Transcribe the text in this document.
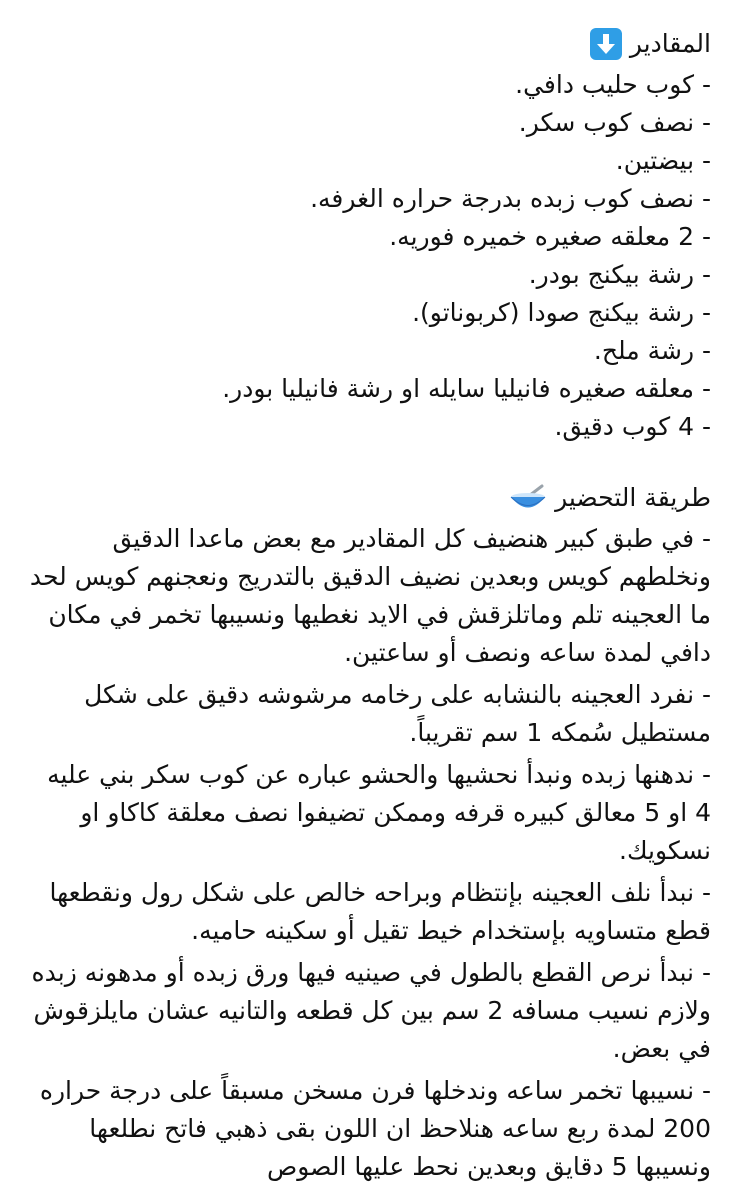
المقادير
- كوب حليب دافي.
- نصف كوب سكر.
- بيضتين.
- نصف كوب زبده بدرجة حراره الغرفه.
- 2 معلقه صغيره خميره فوريه.
- رشة بيكنج بودر.
- رشة بيكنج صودا (كربوناتو).
- رشة ملح.
- معلقه صغيره فانيليا سايله او رشة فانيليا بودر.
- 4 كوب دقيق.
طريقة التحضير

- في طبق كبير هنضيف كل المقادير مع بعض ماعدا الدقيق ونخلطهم كويس وبعدين نضيف الدقيق بالتدريج ونعجنهم كويس لحد ما العجينه تلم وماتلزقش في الايد نغطيها ونسيبها تخمر في مكان دافي لمدة ساعه ونصف أو ساعتين.

- نفرد العجينه بالنشابه على رخامه مرشوشه دقيق على شكل مستطيل سُمكه 1 سم تقريباً.

- ندهنها زبده ونبدأ نحشيها والحشو عباره عن كوب سكر بني عليه 4 او 5 معالق كبيره قرفه وممكن تضيفوا نصف معلقة كاكاو او نسكويك.

- نبدأ نلف العجينه بإنتظام وبراحه خالص على شكل رول ونقطعها قطع متساويه بإستخدام خيط تقيل أو سكينه حاميه.

- نبدأ نرص القطع بالطول في صينيه فيها ورق زبده أو مدهونه زبده ولازم نسيب مسافه 2 سم بين كل قطعه والتانيه عشان مايلزقوش في بعض.

- نسيبها تخمر ساعه وندخلها فرن مسخن مسبقاً على درجة حراره 200 لمدة ربع ساعه هنلاحظ ان اللون بقى ذهبي فاتح نطلعها ونسيبها 5 دقايق وبعدين نحط عليها الصوص
